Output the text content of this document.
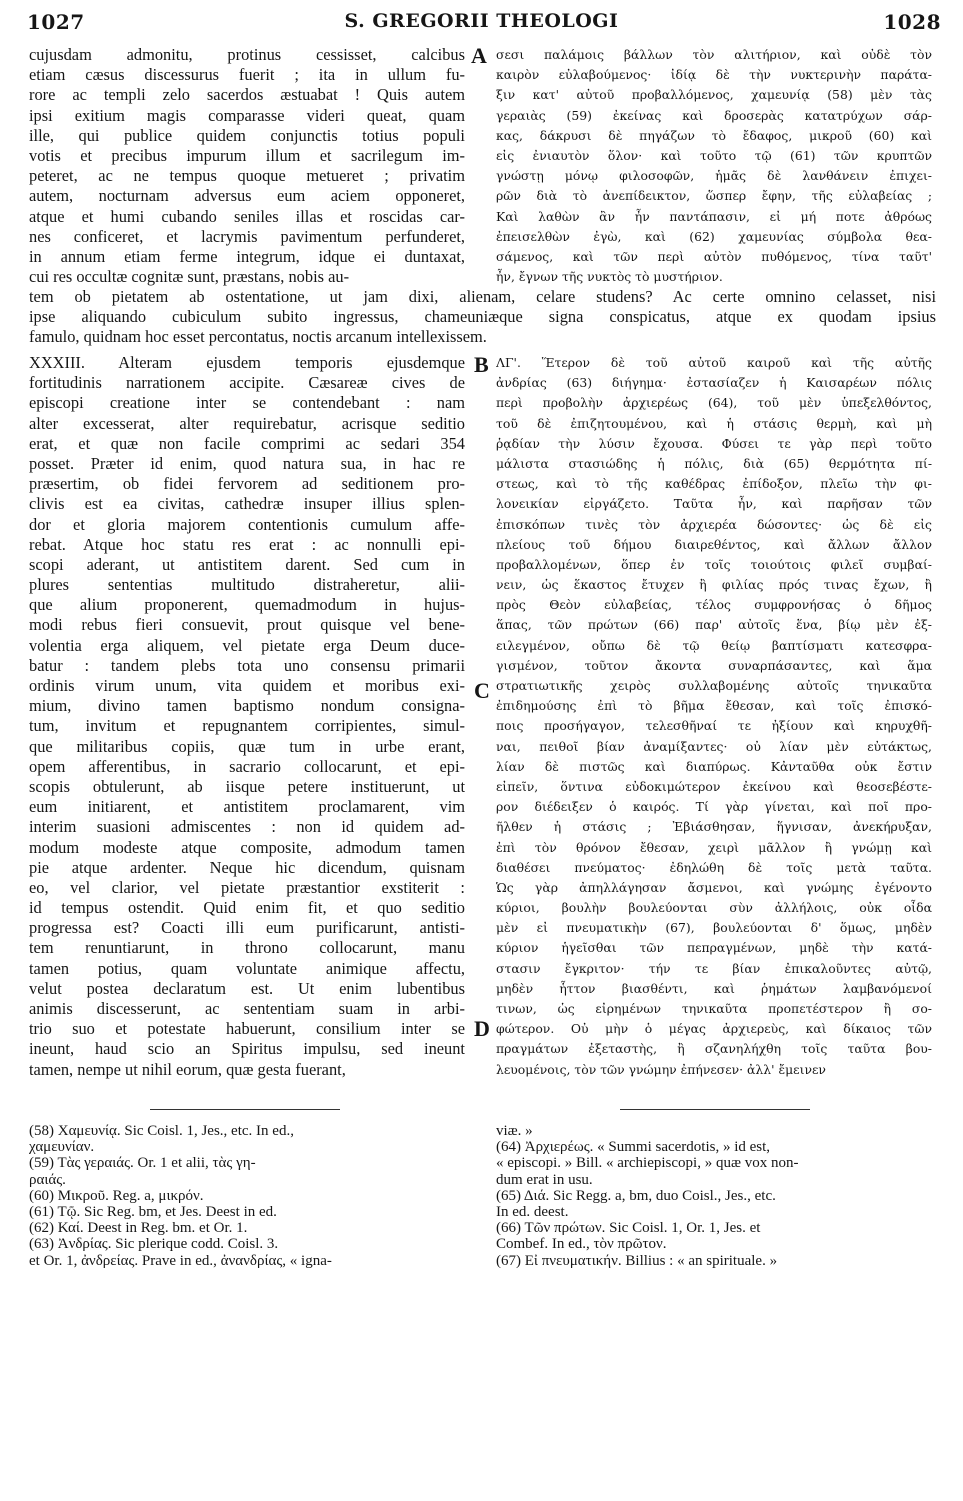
1027	S. GREGORII THEOLOGI	1028
cujusdam admonitu, protinus cessisset, calcibus
etiam cæsus discessurus fuerit ; ita in ullum fu-
rore ac templi zelo sacerdos æstuabat ! Quis autem
ipsi exitium magis comparasse videri queat, quam
ille, qui publice quidem conjunctis totius populi
votis et precibus impurum illum et sacrilegum im-
peteret, ac ne tempus quoque metueret ; privatim
autem, nocturnam adversus eum aciem opponeret,
atque et humi cubando seniles illas et roscidas car-
nes conficeret, et lacrymis pavimentum perfunderet,
in annum etiam ferme integrum, idque ei duntaxat,
cui res occultæ cognitæ sunt, præstans, nobis au-
σεσι παλάμοις βάλλων τὸν αλιτήριον, καὶ οὐδὲ τὸν
καιρὸν εὐλαβούμενος· ἰδίᾳ δὲ τὴν νυκτερινὴν παράτα-
ξιν κατ' αὐτοῦ προβαλλόμενος, χαμευνίᾳ (58) μὲν τὰς
γεραιὰς (59) ἐκείνας καὶ δροσερὰς κατατρύχων σάρ-
κας, δάκρυσι δὲ πηγάζων τὸ ἔδαφος, μικροῦ (60) καὶ
εἰς ἐνιαυτὸν ὅλον· καὶ τοῦτο τῷ (61) τῶν κρυπτῶν
γνώστῃ μόνῳ φιλοσοφῶν, ἡμᾶς δὲ λανθάνειν ἐπιχει-
ρῶν διὰ τὸ ἀνεπίδεικτον, ὥσπερ ἔφην, τῆς εὐλαβείας ;
Καὶ λαθὼν ἂν ἦν παντάπασιν, εἰ μή ποτε ἀθρόως
ἐπεισελθὼν ἐγὼ, καὶ (62) χαμευνίας σύμβολα θεα-
σάμενος, καὶ τῶν περὶ αὐτὸν πυθόμενος, τίνα ταῦτ'
ἦν, ἔγνων τῆς νυκτὸς τὸ μυστήριον.
tem ob pietatem ab ostentatione, ut jam dixi, alienam, celare studens? Ac certe omnino celasset, nisi
ipse aliquando cubiculum subito ingressus, chameuniæque signa conspicatus, atque ex quodam ipsius
famulo, quidnam hoc esset percontatus, noctis arcanum intellexissem.
XXXIII. Alteram ejusdem temporis ejusdemque
fortitudinis narrationem accipite. Cæsareæ cives de
episcopi creatione inter se contendebant : nam
alter excesserat, alter requirebatur, acrisque seditio
erat, et quæ non facile comprimi ac sedari 354
posset. Præter id enim, quod natura sua, in hac re
præsertim, ob fidei fervorem ad seditionem pro-
clivis est ea civitas, cathedræ insuper illius splen-
dor et gloria majorem contentionis cumulum affe-
rebat. Atque hoc statu res erat : ac nonnulli epi-
scopi aderant, ut antistitem darent. Sed cum in
plures sententias multitudo distraheretur, alii-
que alium proponerent, quemadmodum in hujus-
modi rebus fieri consuevit, prout quisque vel bene-
volentia erga aliquem, vel pietate erga Deum duce-
batur : tandem plebs tota uno consensu primarii
ordinis virum unum, vita quidem et moribus exi-
mium, divino tamen baptismo nondum consigna-
tum, invitum et repugnantem corripientes, simul-
que militaribus copiis, quæ tum in urbe erant,
opem afferentibus, in sacrario collocarunt, et epi-
scopis obtulerunt, ab iisque petere instituerunt, ut
eum initiarent, et antistitem proclamarent, vim
interim suasioni admiscentes : non id quidem ad-
modum modeste atque composite, admodum tamen
pie atque ardenter. Neque hic dicendum, quisnam
eo, vel clarior, vel pietate præstantior exstiterit :
id tempus ostendit. Quid enim fit, et quo seditio
progressa est? Coacti illi eum purificarunt, antisti-
tem renuntiarunt, in throno collocarunt, manu
tamen potius, quam voluntate animique affectu,
velut postea declaratum est. Ut enim lubentibus
animis discesserunt, ac sententiam suam in arbi-
trio suo et potestate habuerunt, consilium inter se
ineunt, haud scio an Spiritus impulsu, sed ineunt
tamen, nempe ut nihil eorum, quæ gesta fuerant,
ΛΓ'. Ἕτερον δὲ τοῦ αὐτοῦ καιροῦ καὶ τῆς αὐτῆς
ἀνδρίας (63) διήγημα· ἐστασίαζεν ἡ Καισαρέων πόλις
περὶ προβολὴν ἀρχιερέως (64), τοῦ μὲν ὑπεξελθόντος,
τοῦ δὲ ἐπιζητουμένου, καὶ ἡ στάσις θερμὴ, καὶ μὴ
ῥᾳδίαν τὴν λύσιν ἔχουσα. Φύσει τε γὰρ περὶ τοῦτο
μάλιστα στασιώδης ἡ πόλις, διὰ (65) θερμότητα πί-
στεως, καὶ τὸ τῆς καθέδρας ἐπίδοξον, πλεῖω τὴν φι-
λονεικίαν εἰργάζετο. Ταῦτα ἦν, καὶ παρῆσαν τῶν
ἐπισκόπων τινὲς τὸν ἀρχιερέα δώσοντες· ὡς δὲ εἰς
πλείους τοῦ δήμου διαιρεθέντος, καὶ ἄλλων ἄλλον
προβαλλομένων, ὅπερ ἐν τοῖς τοιούτοις φιλεῖ συμβαί-
νειν, ὡς ἕκαστος ἔτυχεν ἢ φιλίας πρός τινας ἔχων, ἢ
πρὸς Θεὸν εὐλαβείας, τέλος συμφρονήσας ὁ δῆμος
ἅπας, τῶν πρώτων (66) παρ' αὐτοῖς ἕνα, βίῳ μὲν ἐξ-
ειλεγμένον, οὔπω δὲ τῷ θείῳ βαπτίσματι κατεσφρα-
γισμένον, τοῦτον ἄκοντα συναρπάσαντες, καὶ ἅμα
στρατιωτικῆς χειρὸς συλλαβομένης αὐτοῖς τηνικαῦτα
ἐπιδημούσης ἐπὶ τὸ βῆμα ἔθεσαν, καὶ τοῖς ἐπισκό-
ποις προσήγαγον, τελεσθῆναί τε ἠξίουν καὶ κηρυχθῆ-
ναι, πειθοῖ βίαν ἀναμίξαντες· οὐ λίαν μὲν εὐτάκτως,
λίαν δὲ πιστῶς καὶ διαπύρως. Κἀνταῦθα οὐκ ἔστιν
εἰπεῖν, ὅντινα εὐδοκιμώτερον ἐκείνου καὶ θεοσεβέστε-
ρον διέδειξεν ὁ καιρός. Τί γὰρ γίνεται, καὶ ποῖ προ-
ῆλθεν ἡ στάσις ; Ἐβιάσθησαν, ἥγνισαν, ἀνεκήρυξαν,
ἐπὶ τὸν θρόνον ἔθεσαν, χειρὶ μᾶλλον ἢ γνώμῃ καὶ
διαθέσει πνεύματος· ἐδηλώθη δὲ τοῖς μετὰ ταῦτα.
Ὡς γὰρ ἀπηλλάγησαν ἄσμενοι, καὶ γνώμης ἐγένοντο
κύριοι, βουλὴν βουλεύονται σὺν ἀλλήλοις, οὐκ οἶδα
μὲν εἰ πνευματικὴν (67), βουλεύονται δ' ὅμως, μηδὲν
κύριον ἡγεῖσθαι τῶν πεπραγμένων, μηδὲ τὴν κατά-
στασιν ἔγκριτον· τήν τε βίαν ἐπικαλοῦντες αὐτῷ,
μηδὲν ἧττον βιασθέντι, καὶ ῥημάτων λαμβανόμενοί
τινων, ὡς εἰρημένων τηνικαῦτα προπετέστερον ἢ σο-
φώτερον. Οὐ μὴν ὁ μέγας ἀρχιερεὺς, καὶ δίκαιος τῶν
πραγμάτων ἐξεταστὴς, ἢ σζανηλήχθη τοῖς ταῦτα βου-
λευομένοις, τὸν τῶν γνώμην ἐπήνεσεν· ἀλλ' ἔμεινεν
A
B
C
D
(58) Χαμευνίᾳ. Sic Coisl. 1, Jes., etc. In ed.,
χαμευνίαν.
(59) Τὰς γεραιάς. Or. 1 et alii, τὰς γη-
ραιάς.
(60) Μικροῦ. Reg. a, μικρόν.
(61) Τῷ. Sic Reg. bm, et Jes. Deest in ed.
(62) Καί. Deest in Reg. bm. et Or. 1.
(63) Ἀνδρίας. Sic plerique codd. Coisl. 3.
et Or. 1, ἀνδρείας. Prave in ed., ἀνανδρίας, « igna-
viæ. »
(64) Ἀρχιερέως. « Summi sacerdotis, » id est,
« episcopi. » Bill. « archiepiscopi, » quæ vox non-
dum erat in usu.
(65) Διά. Sic Regg. a, bm, duo Coisl., Jes., etc.
In ed. deest.
(66) Τῶν πρώτων. Sic Coisl. 1, Or. 1, Jes. et
Combef. In ed., τὸν πρῶτον.
(67) Εἰ πνευματικήν. Billius : « an spirituale. »
